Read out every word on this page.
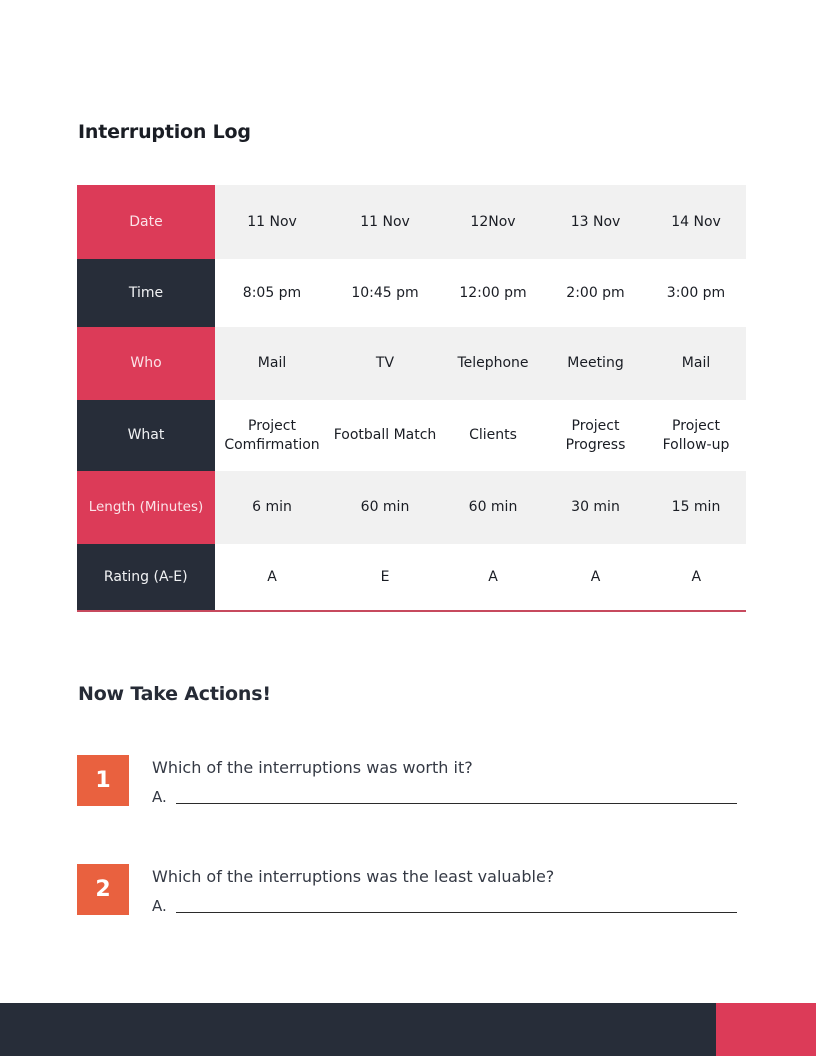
Interruption Log
Date	11 Nov	11 Nov	12Nov	13 Nov	14 Nov
Time	8:05 pm	10:45 pm	12:00 pm	2:00 pm	3:00 pm
Who	Mail	TV	Telephone	Meeting	Mail
What	Project Comfirmation	Football Match	Clients	Project Progress	Project Follow-up
Length (Minutes)	6 min	60 min	60 min	30 min	15 min
Rating (A-E)	A	E	A	A	A
Now Take Actions!
1
Which of the interruptions was worth it?
A.
2
Which of the interruptions was the least valuable?
A.
